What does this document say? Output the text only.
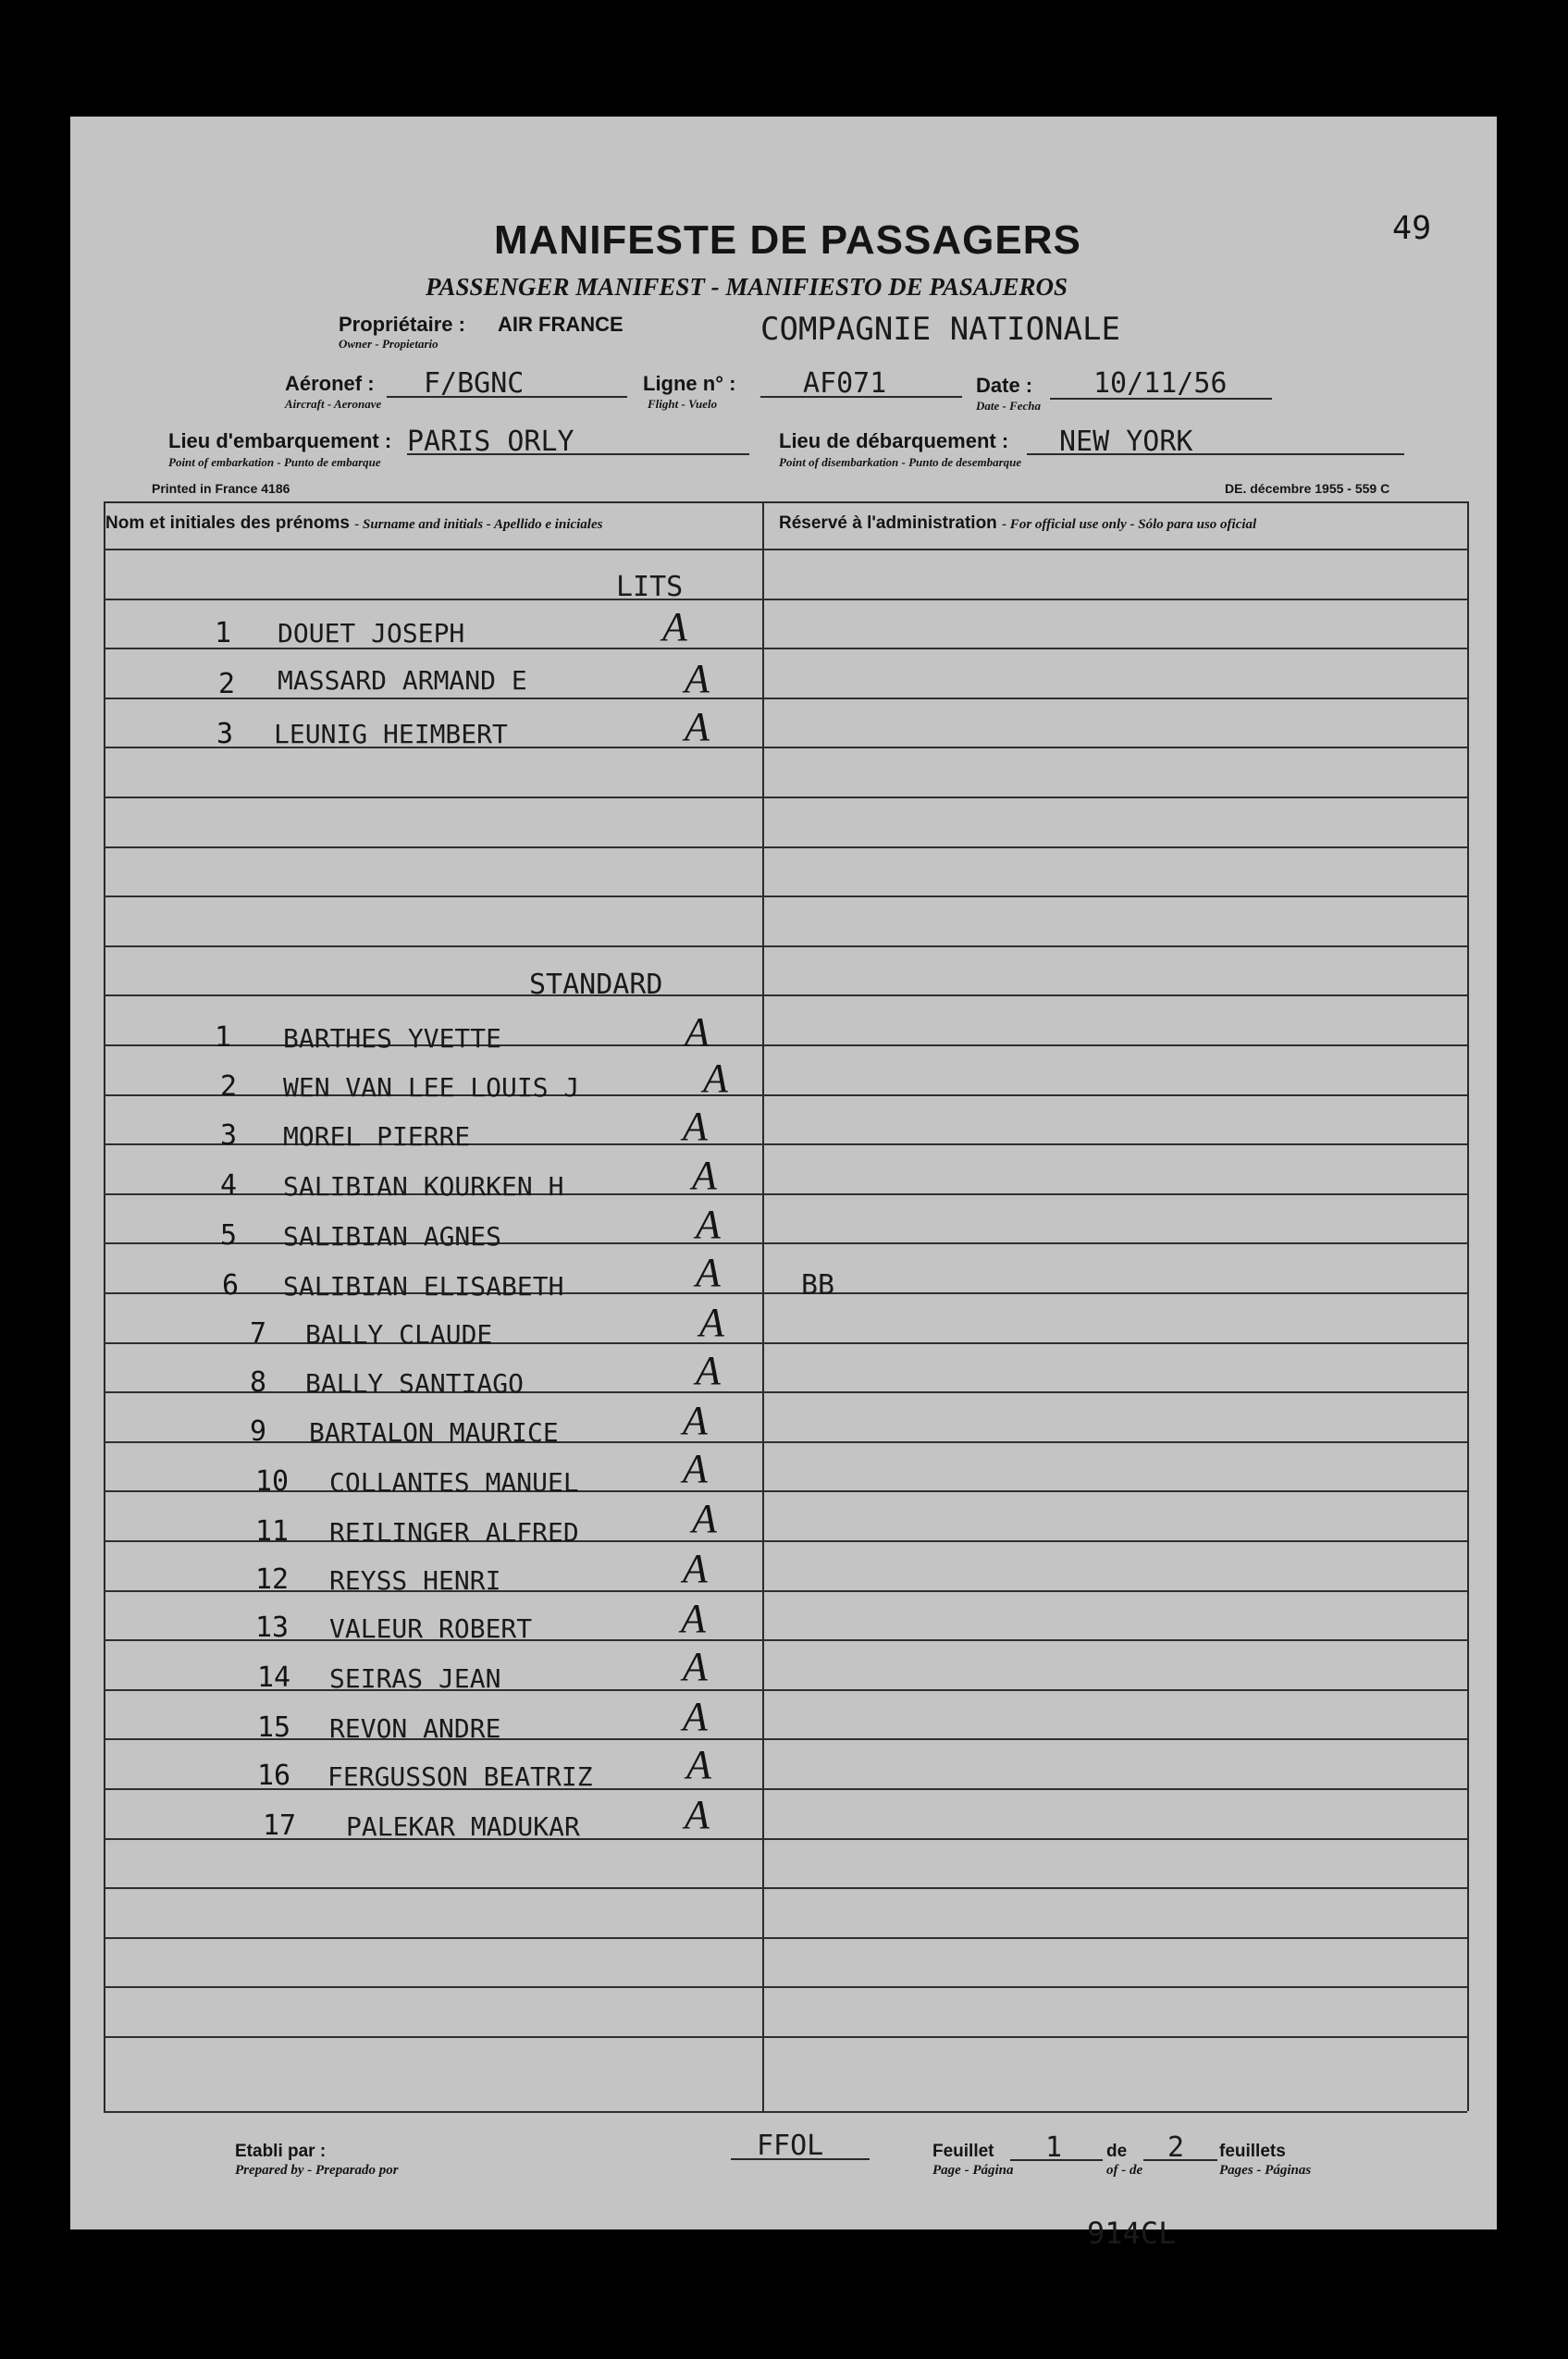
MANIFESTE DE PASSAGERS
PASSENGER MANIFEST - MANIFIESTO DE PASAJEROS
49
Propriétaire :
Owner - Propietario
AIR FRANCE	COMPAGNIE NATIONALE
Aéronef :
Aircraft - Aeronave
F/BGNC	Ligne n° :
Flight - Vuelo
AF071	Date :
Date - Fecha
10/11/56
Lieu d'embarquement :
Point of embarkation - Punto de embarque
PARIS ORLY	Lieu de débarquement :
Point of disembarkation - Punto de desembarque
NEW YORK
Printed in France 4186	DE. décembre 1955 - 559 C
Nom et initiales des prénoms - Surname and initials - Apellido e iniciales	Réservé à l'administration - For official use only - Sólo para uso oficial
LITS
STANDARD
1 DOUET JOSEPH	A
2 MASSARD ARMAND E	A
3 LEUNIG HEIMBERT	A
1 BARTHES YVETTE	A
2 WEN VAN LEE LOUIS J	A
3 MOREL PIERRE	A
4 SALIBIAN KOURKEN H	A
5 SALIBIAN AGNES	A
6 SALIBIAN ELISABETH	A	BB
7 BALLY CLAUDE	A
8 BALLY SANTIAGO	A
9 BARTALON MAURICE	A
10 COLLANTES MANUEL	A
11 REILINGER ALFRED	A
12 REYSS HENRI	A
13 VALEUR ROBERT	A
14 SEIRAS JEAN	A
15 REVON ANDRE	A
16 FERGUSSON BEATRIZ A
17 PALEKAR MADUKAR	A
Etabli par :
Prepared by - Preparado por
FFOL	Feuillet
Page - Página
1	de
of - de
2 feuillets
Pages - Páginas
914CL
